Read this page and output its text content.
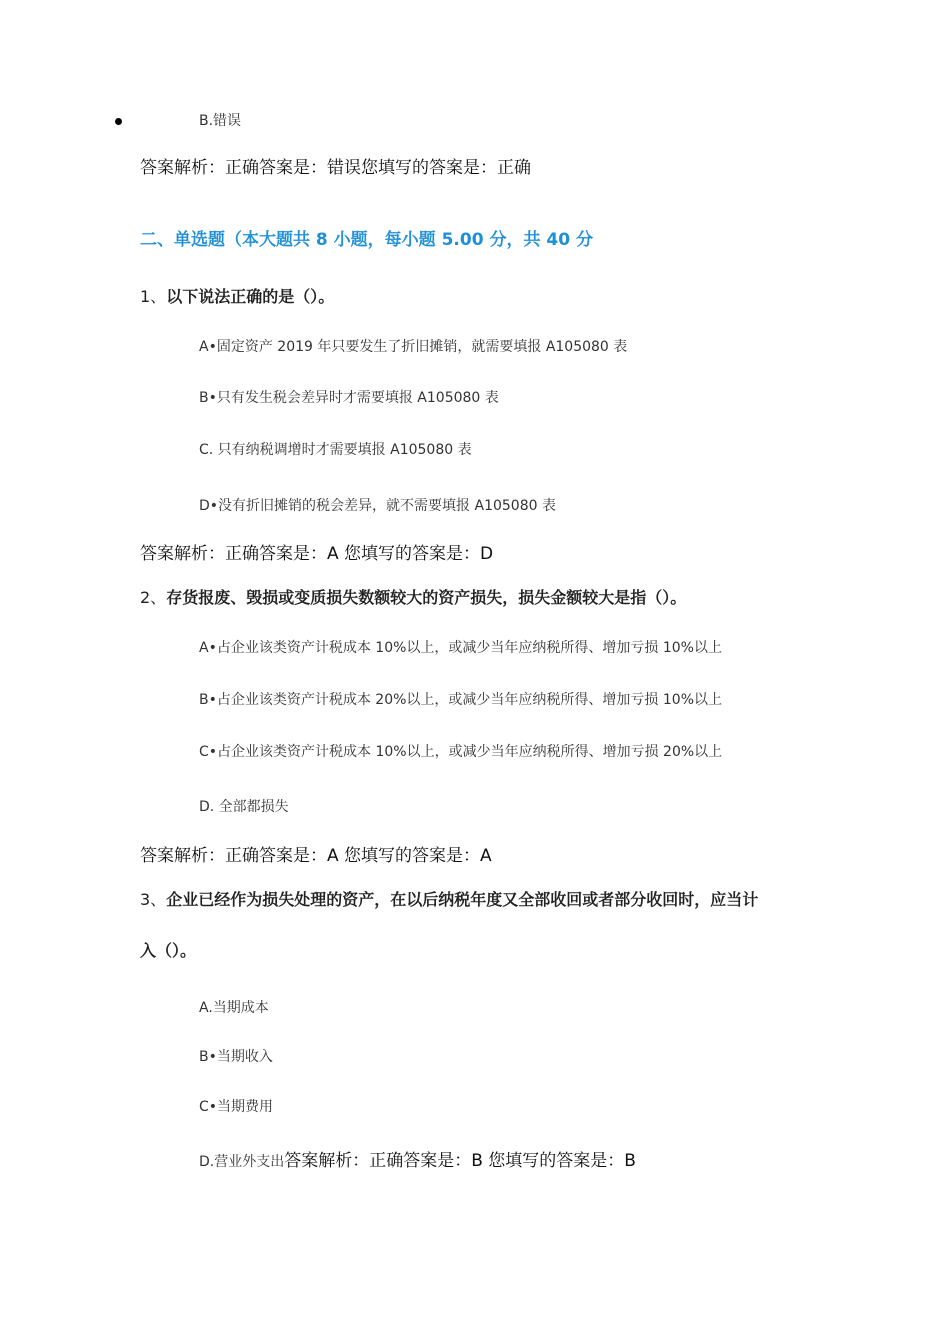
B.错误
答案解析：正确答案是：错误您填写的答案是：正确
二、单选题（本大题共 8 小题，每小题 5.00 分，共 40 分
1、以下说法正确的是（）。
A•固定资产 2019 年只要发生了折旧摊销，就需要填报 A105080 表
B•只有发生税会差异时才需要填报 A105080 表
C. 只有纳税调增时才需要填报 A105080 表
D•没有折旧摊销的税会差异，就不需要填报 A105080 表
答案解析：正确答案是：A 您填写的答案是：D
2、存货报废、毁损或变质损失数额较大的资产损失，损失金额较大是指（）。
A•占企业该类资产计税成本 10%以上，或减少当年应纳税所得、增加亏损 10%以上
B•占企业该类资产计税成本 20%以上，或减少当年应纳税所得、增加亏损 10%以上
C•占企业该类资产计税成本 10%以上，或减少当年应纳税所得、增加亏损 20%以上
D. 全部都损失
答案解析：正确答案是：A 您填写的答案是：A
3、企业已经作为损失处理的资产，在以后纳税年度又全部收回或者部分收回时，应当计
入（）。
A.当期成本
B•当期收入
C•当期费用
D.营业外支出答案解析：正确答案是：B 您填写的答案是：B
